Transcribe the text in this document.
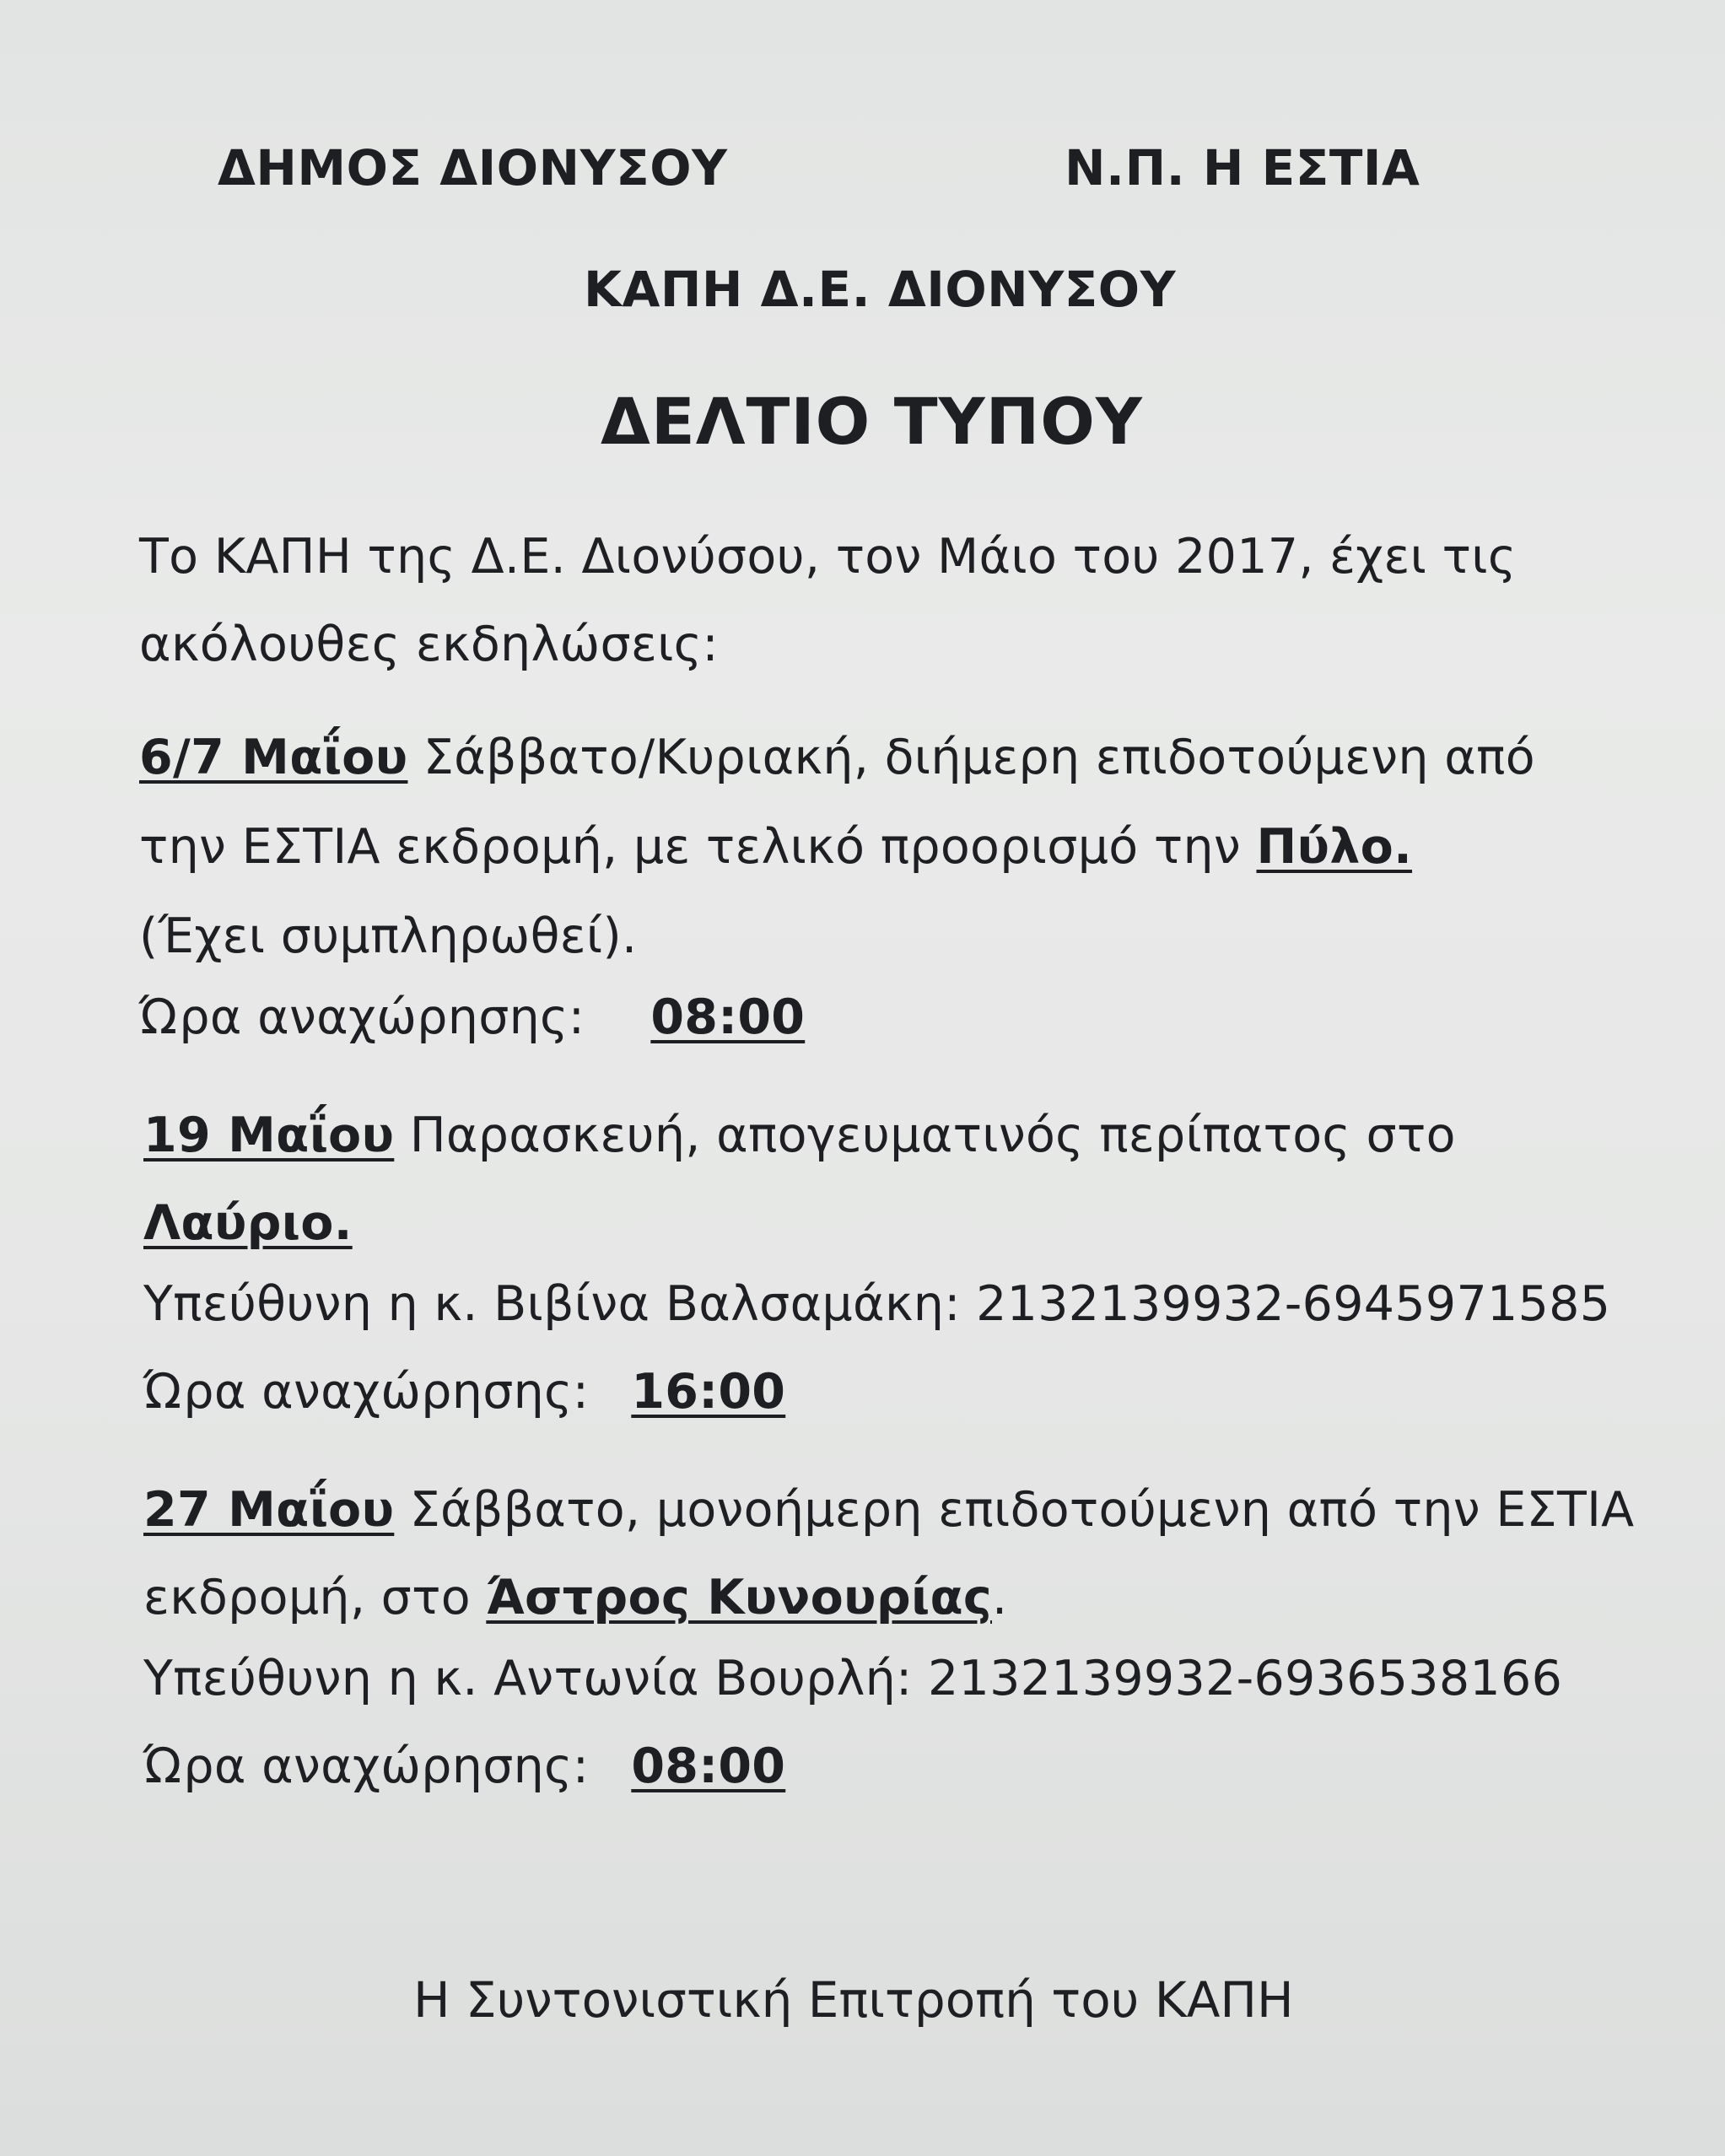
ΔΗΜΟΣ ΔΙΟΝΥΣΟΥ	Ν.Π. Η ΕΣΤΙΑ
ΚΑΠΗ Δ.Ε. ΔΙΟΝΥΣΟΥ
ΔΕΛΤΙΟ ΤΥΠΟΥ
Το ΚΑΠΗ της Δ.Ε. Διονύσου, τον Μάιο του 2017, έχει τις
ακόλουθες εκδηλώσεις:
6/7 Μαΐου Σάββατο/Κυριακή, διήμερη επιδοτούμενη από
την ΕΣΤΙΑ εκδρομή, με τελικό προορισμό την Πύλο.
(Έχει συμπληρωθεί).
Ώρα αναχώρησης: 08:00
19 Μαΐου Παρασκευή, απογευματινός περίπατος στο
Λαύριο.
Υπεύθυνη η κ. Βιβίνα Βαλσαμάκη: 2132139932-6945971585
Ώρα αναχώρησης: 16:00
27 Μαΐου Σάββατο, μονοήμερη επιδοτούμενη από την ΕΣΤΙΑ
εκδρομή, στο Άστρος Κυνουρίας.
Υπεύθυνη η κ. Αντωνία Βουρλή: 2132139932-6936538166
Ώρα αναχώρησης: 08:00
Η Συντονιστική Επιτροπή του ΚΑΠΗ
